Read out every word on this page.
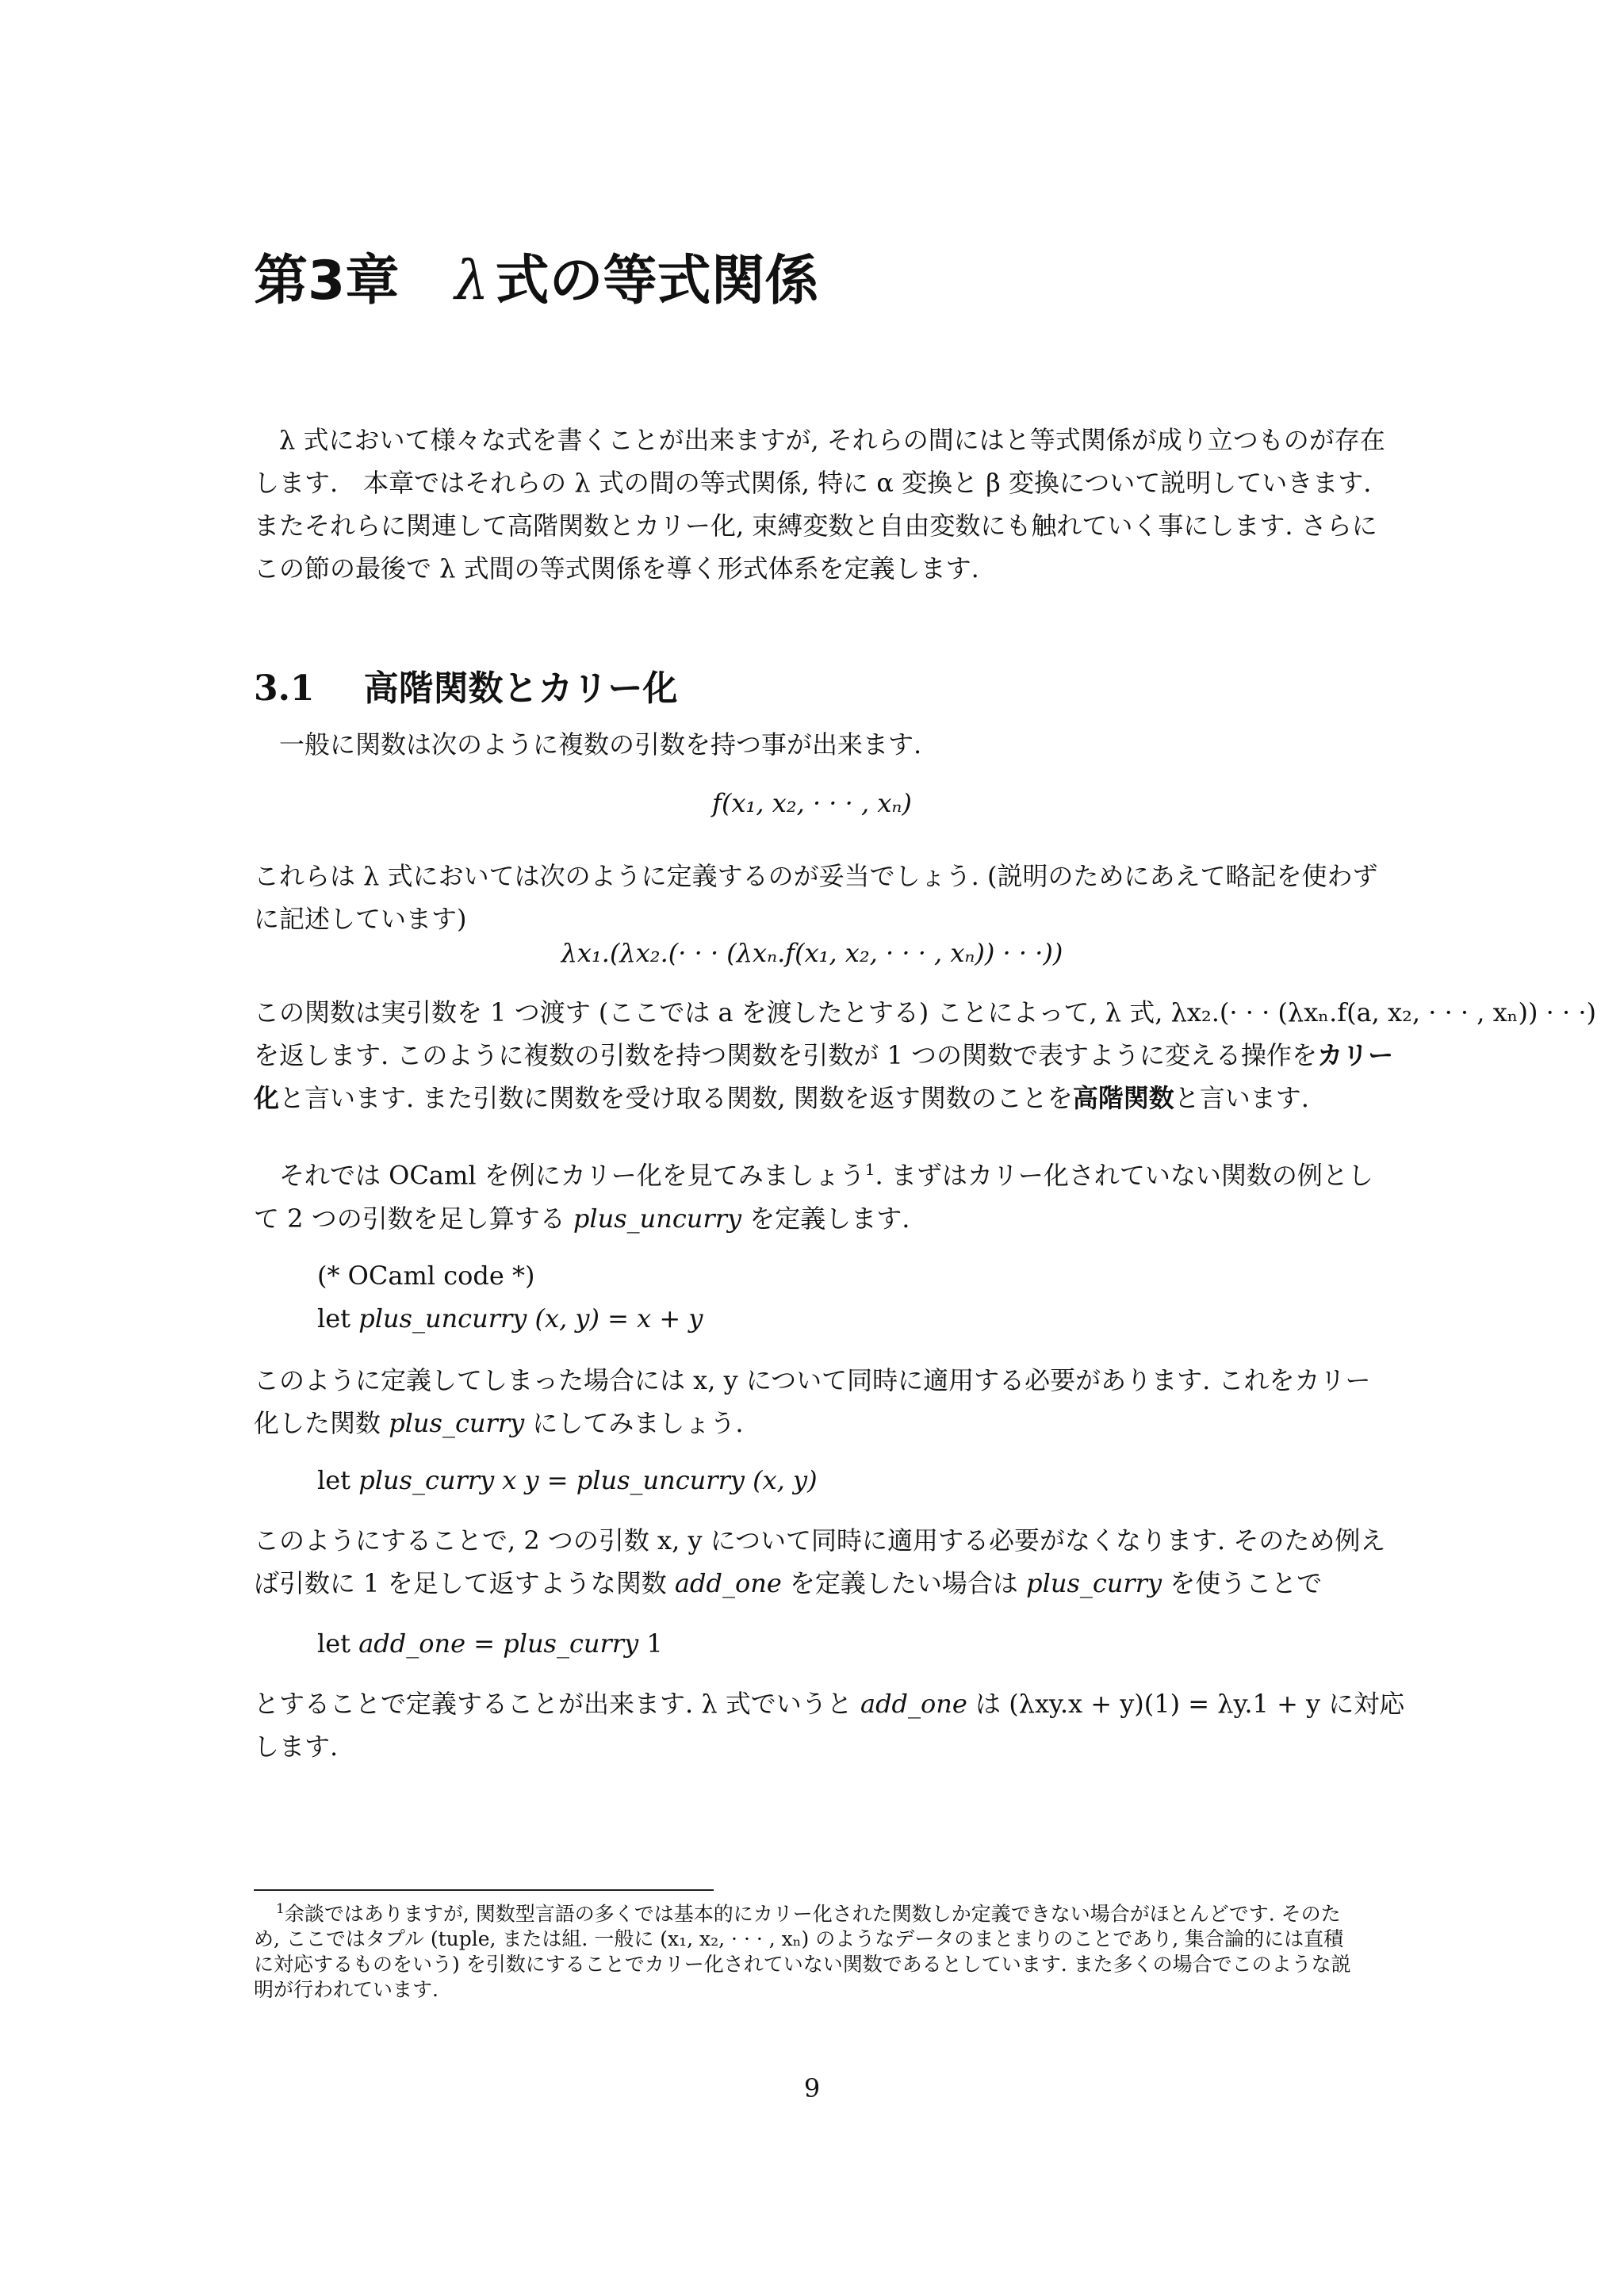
第3章 λ 式の等式関係
λ 式において様々な式を書くことが出来ますが, それらの間にはと等式関係が成り立つものが存在
します.　本章ではそれらの λ 式の間の等式関係, 特に α 変換と β 変換について説明していきます.
またそれらに関連して高階関数とカリー化, 束縛変数と自由変数にも触れていく事にします. さらに
この節の最後で λ 式間の等式関係を導く形式体系を定義します.
3.1 高階関数とカリー化
一般に関数は次のように複数の引数を持つ事が出来ます.
f(x₁, x₂, · · · , xₙ)
これらは λ 式においては次のように定義するのが妥当でしょう. (説明のためにあえて略記を使わず
に記述しています)
λx₁.(λx₂.(· · · (λxₙ.f(x₁, x₂, · · · , xₙ)) · · ·))
この関数は実引数を 1 つ渡す (ここでは a を渡したとする) ことによって, λ 式, λx₂.(· · · (λxₙ.f(a, x₂, · · · , xₙ)) · · ·)
を返します. このように複数の引数を持つ関数を引数が 1 つの関数で表すように変える操作をカリー
化と言います. また引数に関数を受け取る関数, 関数を返す関数のことを高階関数と言います.
それでは OCaml を例にカリー化を見てみましょう$^1$. まずはカリー化されていない関数の例とし
て 2 つの引数を足し算する plus_uncurry を定義します.
(* OCaml code *)
let plus_uncurry (x, y) = x + y
このように定義してしまった場合には x, y について同時に適用する必要があります. これをカリー
化した関数 plus_curry にしてみましょう.
let plus_curry x y = plus_uncurry (x, y)
このようにすることで, 2 つの引数 x, y について同時に適用する必要がなくなります. そのため例え
ば引数に 1 を足して返すような関数 add_one を定義したい場合は plus_curry を使うことで
let add_one = plus_curry 1
とすることで定義することが出来ます. λ 式でいうと add_one は (λxy.x + y)(1) = λy.1 + y に対応
します.
$^1$余談ではありますが, 関数型言語の多くでは基本的にカリー化された関数しか定義できない場合がほとんどです. そのた
め, ここではタプル (tuple, または組. 一般に (x₁, x₂, · · · , xₙ) のようなデータのまとまりのことであり, 集合論的には直積
に対応するものをいう) を引数にすることでカリー化されていない関数であるとしています. また多くの場合でこのような説
明が行われています.
9
